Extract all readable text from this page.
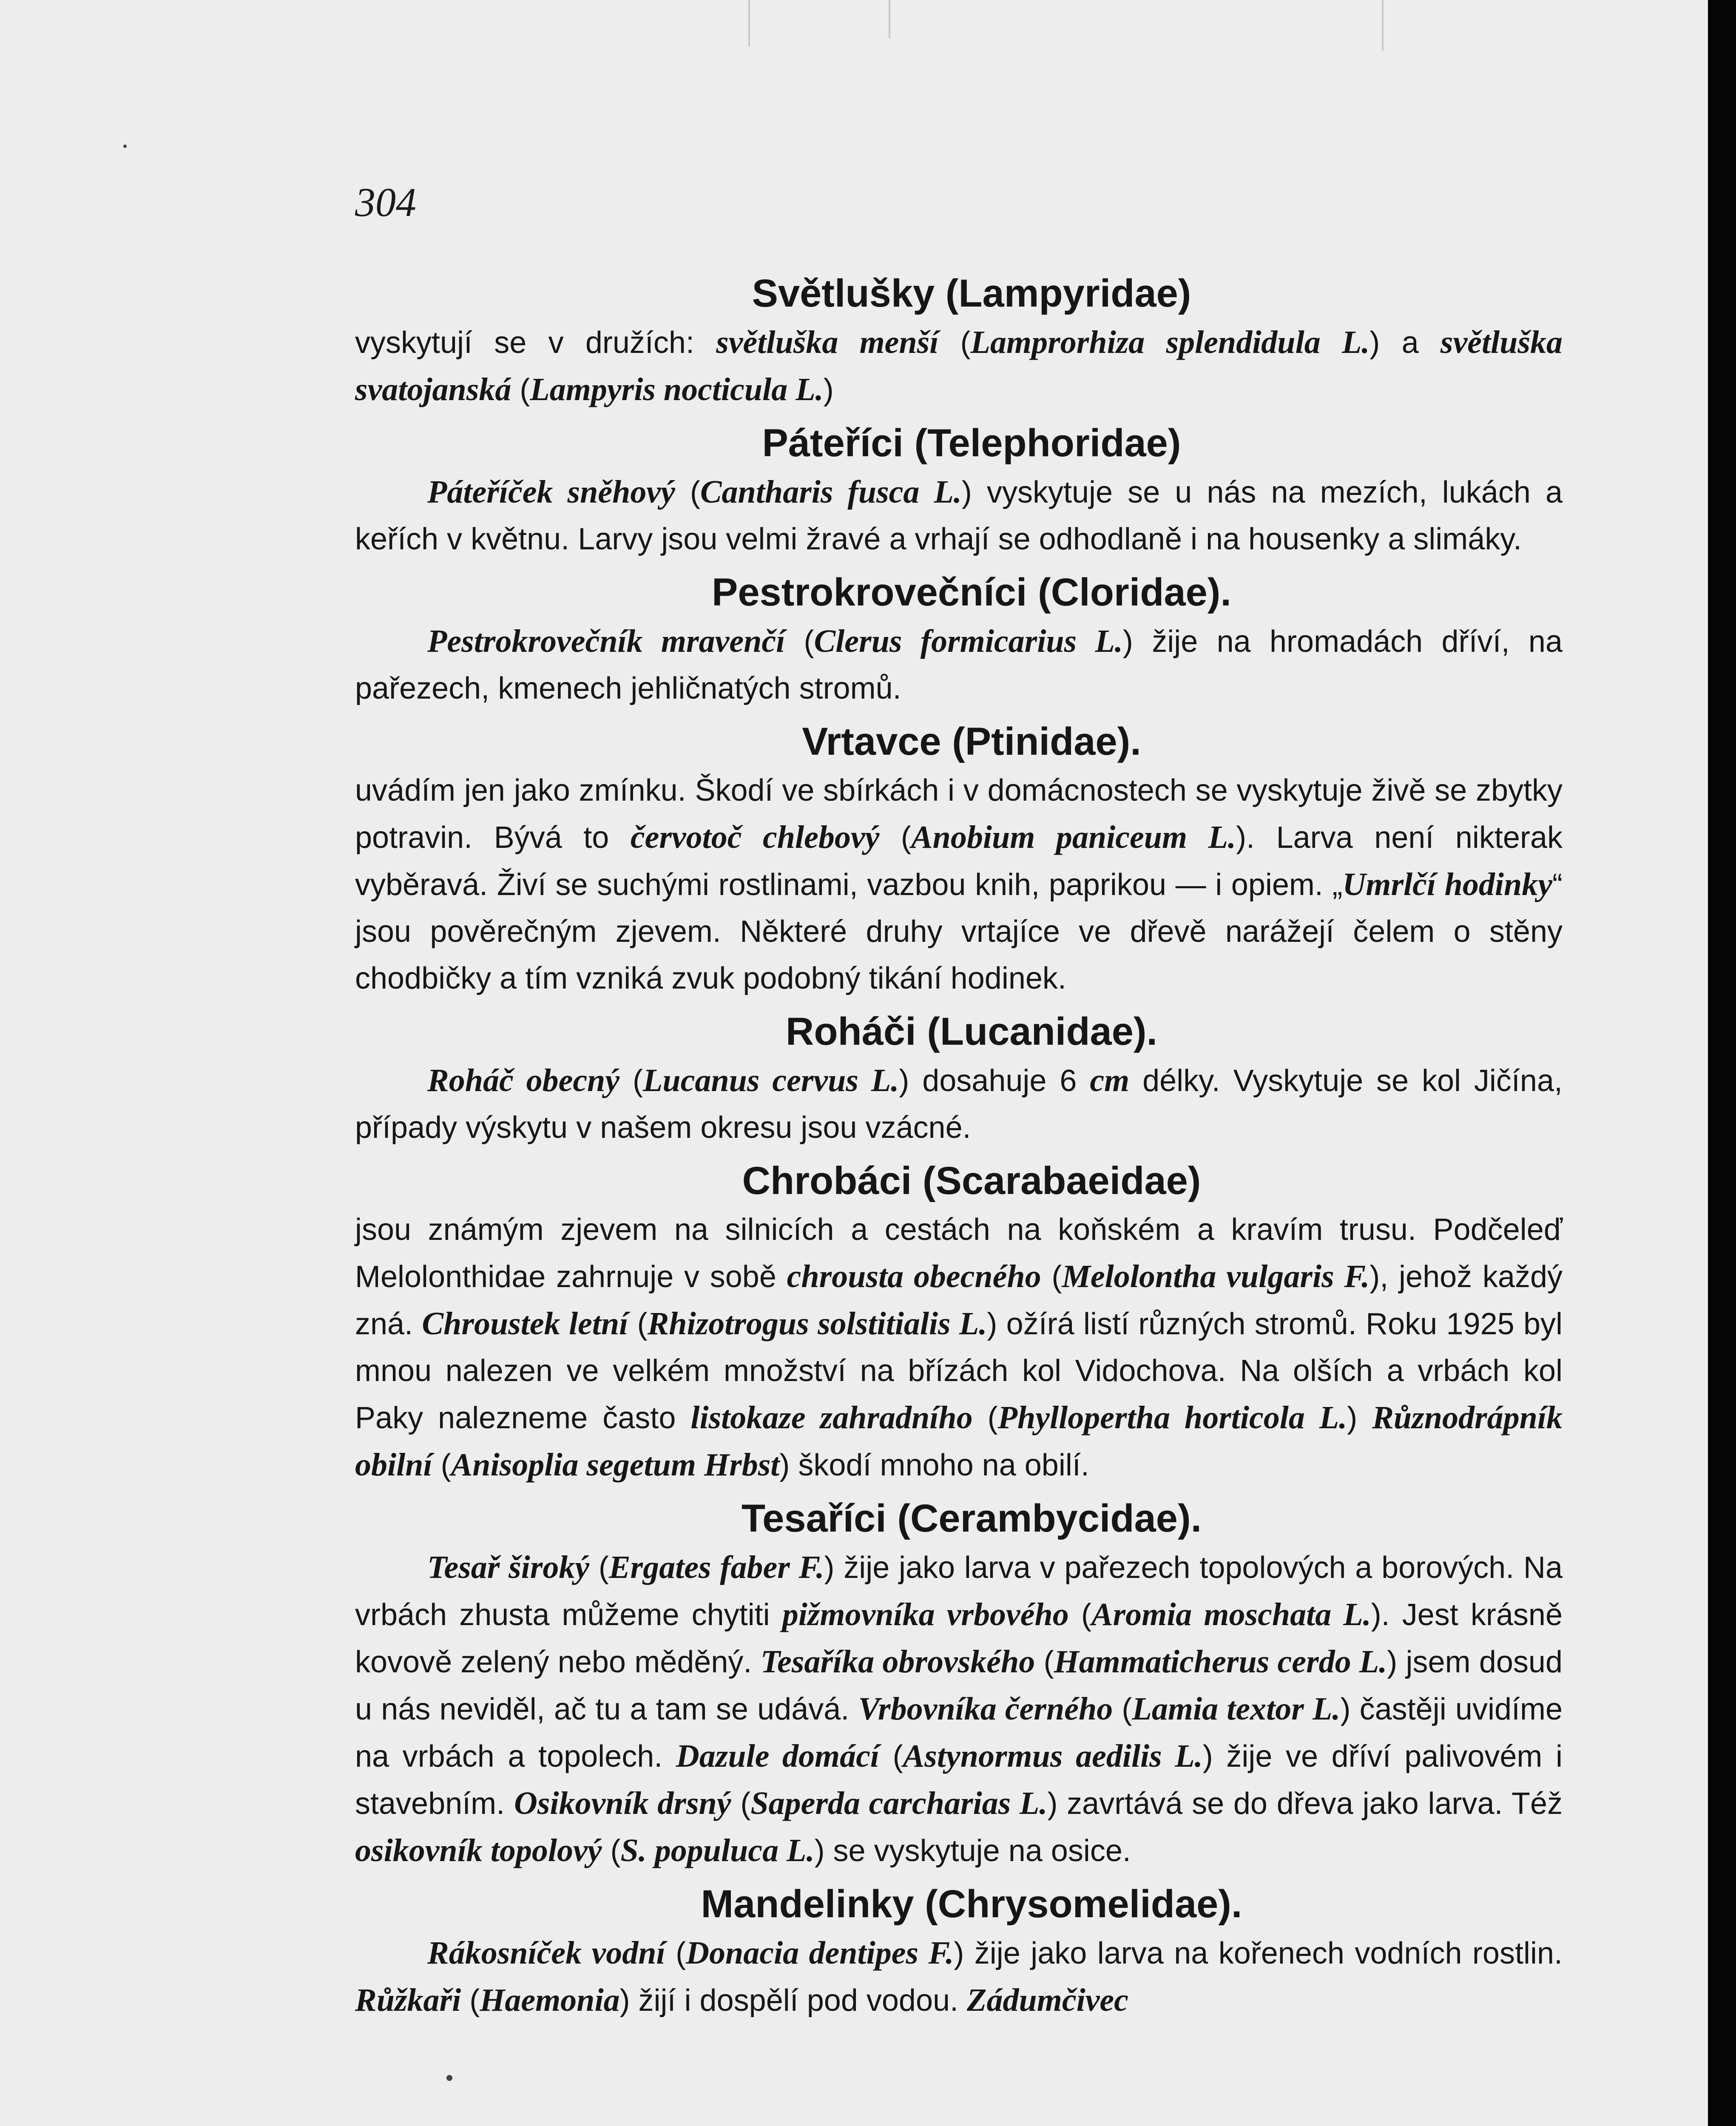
304
Světlušky (Lampyridae)

vyskytují se v družích: světluška menší (Lamprorhiza splendidula L.) a světluška svatojanská (Lampyris nocticula L.)

Páteříci (Telephoridae)

Páteříček sněhový (Cantharis fusca L.) vyskytuje se u nás na mezích, lukách a keřích v květnu. Larvy jsou velmi žravé a vrhají se odhodlaně i na housenky a slimáky.

Pestrokrovečníci (Cloridae).

Pestrokrovečník mravenčí (Clerus formicarius L.) žije na hromadách dříví, na pařezech, kmenech jehličnatých stromů.

Vrtavce (Ptinidae).

uvádím jen jako zmínku. Škodí ve sbírkách i v domácnostech se vyskytuje živě se zbytky potravin. Bývá to červotoč chlebový (Anobium paniceum L.). Larva není nikterak vyběravá. Živí se suchými rostlinami, vazbou knih, paprikou — i opiem. „Umrlčí hodinky“ jsou pověrečným zjevem. Některé druhy vrtajíce ve dřevě narážejí čelem o stěny chodbičky a tím vzniká zvuk podobný tikání hodinek.

Roháči (Lucanidae).

Roháč obecný (Lucanus cervus L.) dosahuje 6 cm délky. Vyskytuje se kol Jičína, případy výskytu v našem okresu jsou vzácné.

Chrobáci (Scarabaeidae)

jsou známým zjevem na silnicích a cestách na koňském a kravím trusu. Podčeleď Melolonthidae zahrnuje v sobě chrousta obecného (Melolontha vulgaris F.), jehož každý zná. Chroustek letní (Rhizotrogus solstitialis L.) ožírá listí různých stromů. Roku 1925 byl mnou nalezen ve velkém množství na břízách kol Vidochova. Na olších a vrbách kol Paky nalezneme často listokaze zahradního (Phyllopertha horticola L.) Různodrápník obilní (Anisoplia segetum Hrbst) škodí mnoho na obilí.

Tesaříci (Cerambycidae).

Tesař široký (Ergates faber F.) žije jako larva v pařezech topolových a borových. Na vrbách zhusta můžeme chytiti pižmovníka vrbového (Aromia moschata L.). Jest krásně kovově zelený nebo měděný. Tesaříka obrovského (Hammaticherus cerdo L.) jsem dosud u nás neviděl, ač tu a tam se udává. Vrbovníka černého (Lamia textor L.) častěji uvidíme na vrbách a topolech. Dazule domácí (Astynormus aedilis L.) žije ve dříví palivovém i stavebním. Osikovník drsný (Saperda carcharias L.) zavrtává se do dřeva jako larva. Též osikovník topolový (S. populuca L.) se vyskytuje na osice.

Mandelinky (Chrysomelidae).

Rákosníček vodní (Donacia dentipes F.) žije jako larva na kořenech vodních rostlin. Růžkaři (Haemonia) žijí i dospělí pod vodou. Zádumčivec
